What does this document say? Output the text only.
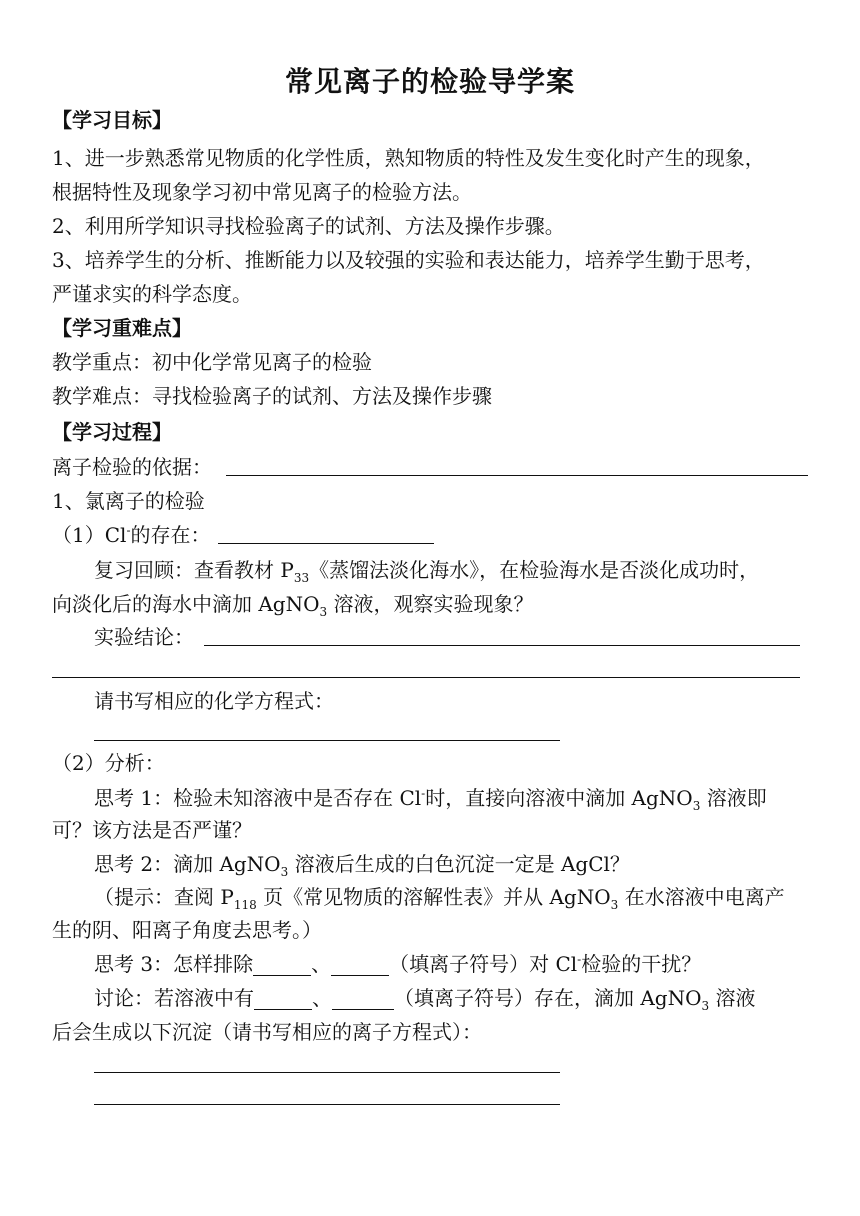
常见离子的检验导学案
【学习目标】
1、进一步熟悉常见物质的化学性质，熟知物质的特性及发生变化时产生的现象，
根据特性及现象学习初中常见离子的检验方法。
2、利用所学知识寻找检验离子的试剂、方法及操作步骤。
3、培养学生的分析、推断能力以及较强的实验和表达能力，培养学生勤于思考，
严谨求实的科学态度。
【学习重难点】
教学重点：初中化学常见离子的检验
教学难点：寻找检验离子的试剂、方法及操作步骤
【学习过程】
离子检验的依据：
1、氯离子的检验
（1）Cl-的存在：
复习回顾：查看教材 $P_{33}$《蒸馏法淡化海水》，在检验海水是否淡化成功时，
向淡化后的海水中滴加 AgNO$_3$ 溶液，观察实验现象？
实验结论：
请书写相应的化学方程式：
（2）分析：
思考 1：检验未知溶液中是否存在 Cl-时，直接向溶液中滴加 AgNO$_3$ 溶液即
可？该方法是否严谨？
思考 2：滴加 AgNO$_3$ 溶液后生成的白色沉淀一定是 AgCl？
（提示：查阅 $P_{118}$ 页《常见物质的溶解性表》并从 AgNO$_3$ 在水溶液中电离产
生的阴、阳离子角度去思考。）
思考 3：怎样排除	、	（填离子符号）对 Cl-检验的干扰？
讨论：若溶液中有	、	（填离子符号）存在，滴加 AgNO$_3$ 溶液
后会生成以下沉淀（请书写相应的离子方程式）：
